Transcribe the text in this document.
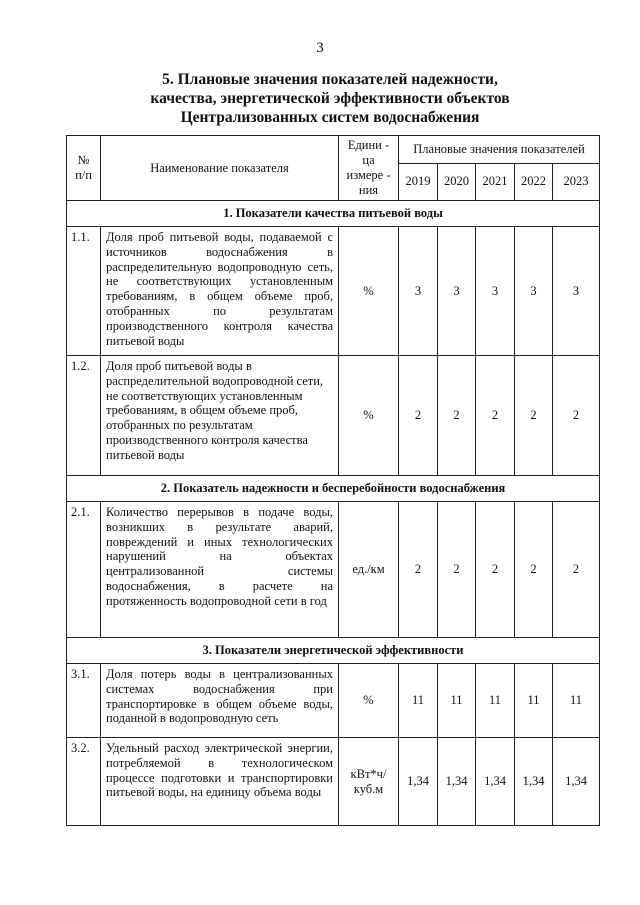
3
5. Плановые значения показателей надежности,
качества, энергетической эффективности объектов
Централизованных систем водоснабжения
№ п/п	Наименование показателя	Едини - ца измере - ния	Плановые значения показателей				
			2019	2020	2021	2022	2023
1. Показатели качества питьевой воды							
1.1.	Доля проб питьевой воды, подаваемой с источников водоснабжения в распределительную водопроводную сеть, не соответствующих установленным требованиям, в общем объеме проб, отобранных по результатам производственного контроля качества питьевой воды	%	3	3	3	3	3
1.2.	Доля проб питьевой воды в распределительной водопроводной сети, не соответствующих установленным требованиям, в общем объеме проб, отобранных по результатам производственного контроля качества питьевой воды	%	2	2	2	2	2
2. Показатель надежности и бесперебойности водоснабжения							
2.1.	Количество перерывов в подаче воды, возникших в результате аварий, повреждений и иных технологических нарушений на объектах централизованной системы водоснабжения, в расчете на протяженность водопроводной сети в год	ед./км	2	2	2	2	2
3. Показатели энергетической эффективности							
3.1.	Доля потерь воды в централизованных системах водоснабжения при транспортировке в общем объеме воды, поданной в водопроводную сеть	%	11	11	11	11	11
3.2.	Удельный расход электрической энергии, потребляемой в технологическом процессе подготовки и транспортировки питьевой воды, на единицу объема воды	кВт*ч/ куб.м	1,34	1,34	1,34	1,34	1,34
